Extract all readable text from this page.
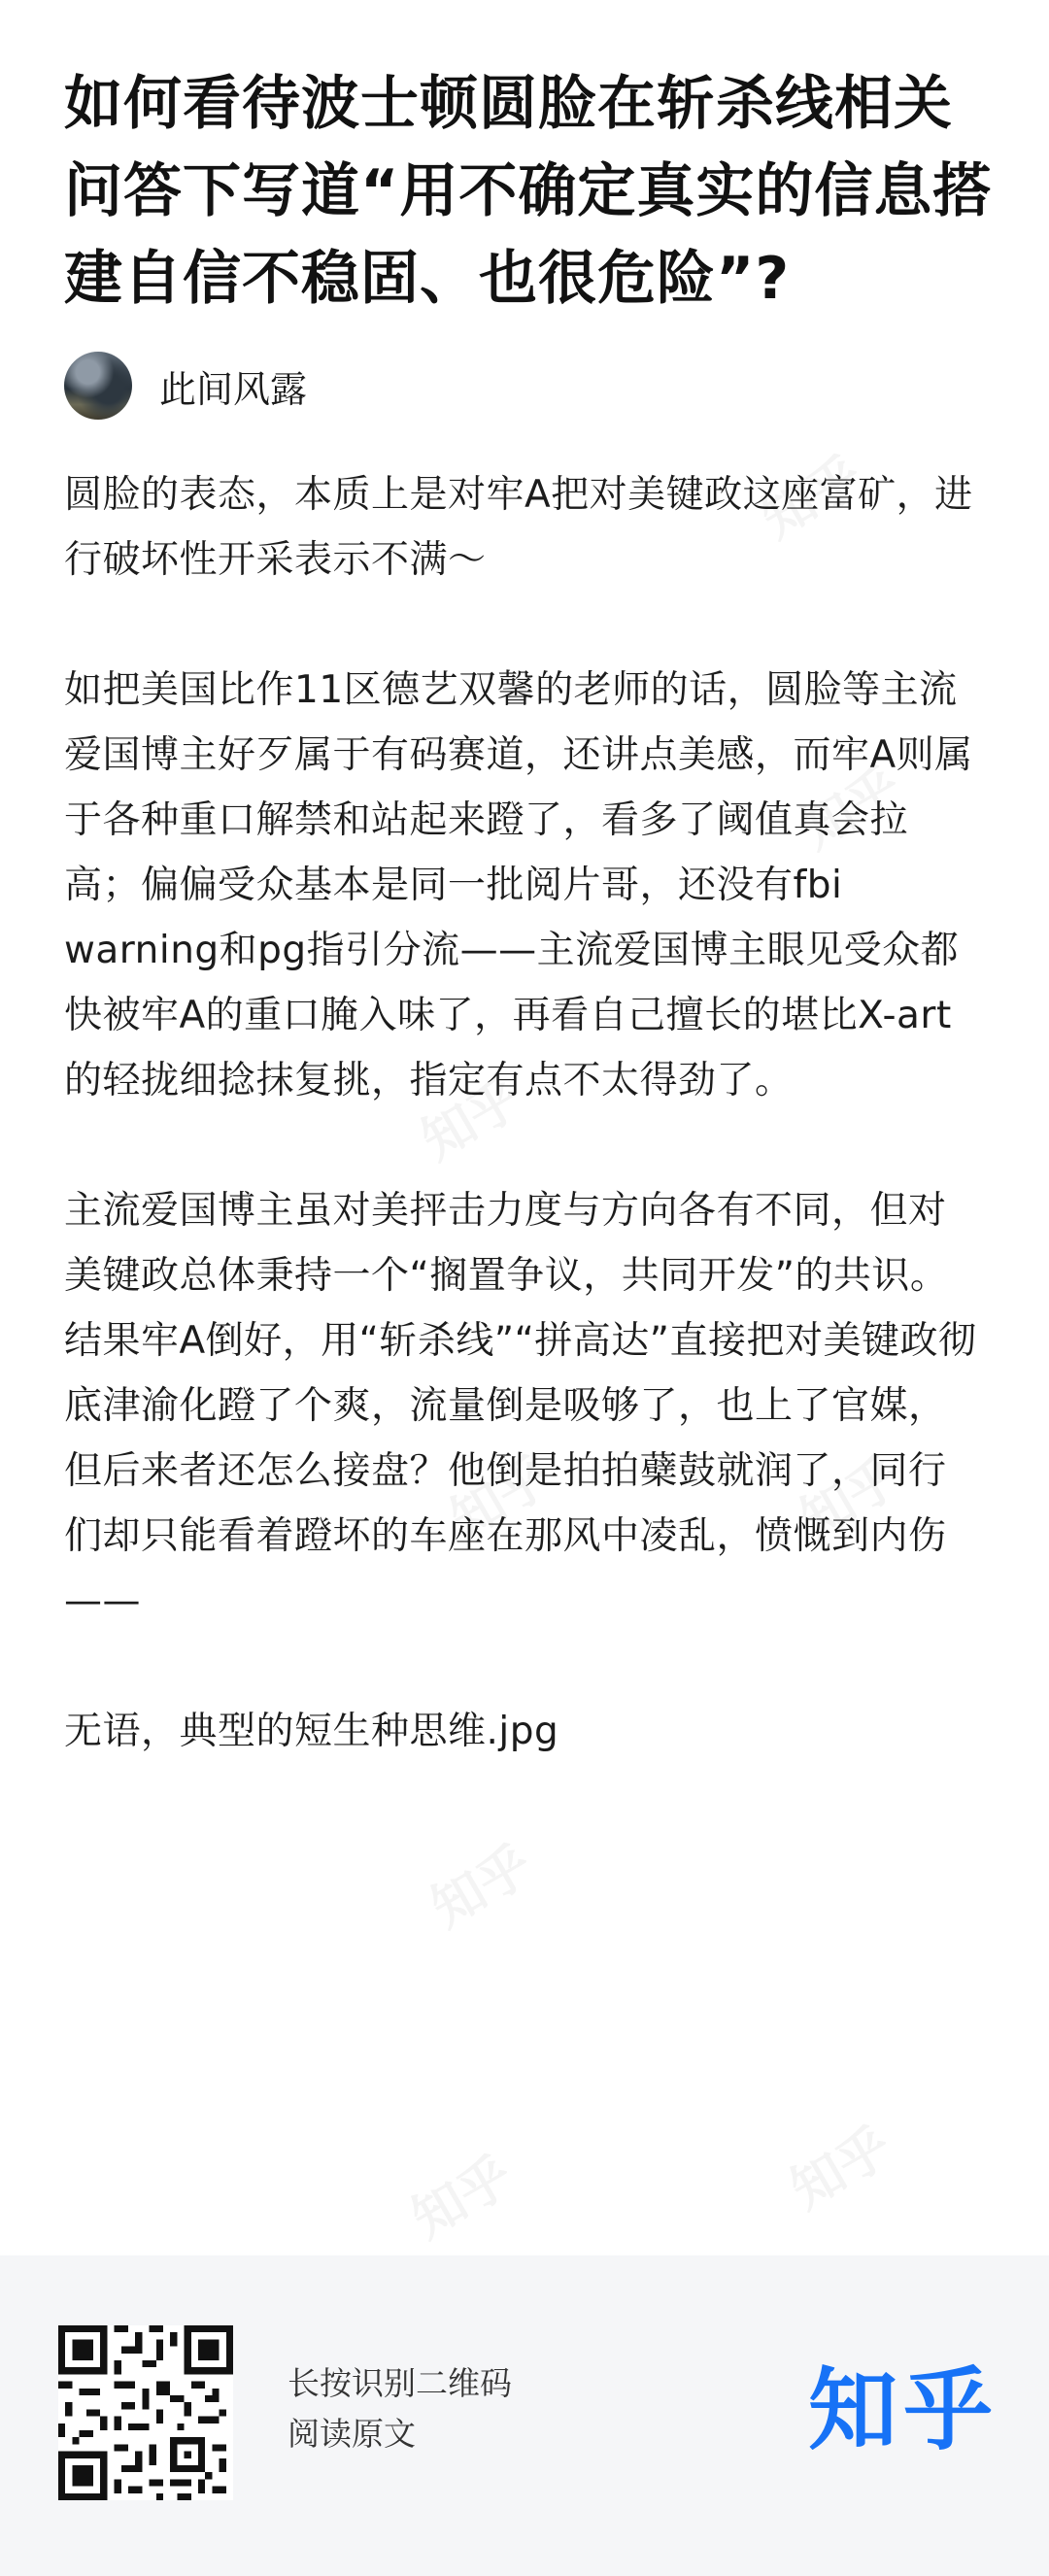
如何看待波士顿圆脸在斩杀线相关问答下写道“用不确定真实的信息搭建自信不稳固、也很危险”?
此间风露

圆脸的表态，本质上是对牢A把对美键政这座富矿，进行破坏性开采表示不满～

如把美国比作11区德艺双馨的老师的话，圆脸等主流爱国博主好歹属于有码赛道，还讲点美感，而牢A则属于各种重口解禁和站起来蹬了，看多了阈值真会拉高；偏偏受众基本是同一批阅片哥，还没有fbi warning和pg指引分流——主流爱国博主眼见受众都快被牢A的重口腌入味了，再看自己擅长的堪比X-art的轻拢细捻抹复挑，指定有点不太得劲了。

主流爱国博主虽对美抨击力度与方向各有不同，但对美键政总体秉持一个“搁置争议，共同开发”的共识。结果牢A倒好，用“斩杀线”“拼高达”直接把对美键政彻底津渝化蹬了个爽，流量倒是吸够了，也上了官媒，但后来者还怎么接盘？他倒是拍拍蘗鼓就润了，同行们却只能看着蹬坏的车座在那风中凌乱，愤慨到内伤——

无语，典型的短生种思维.jpg

长按识别二维码
阅读原文	知乎
